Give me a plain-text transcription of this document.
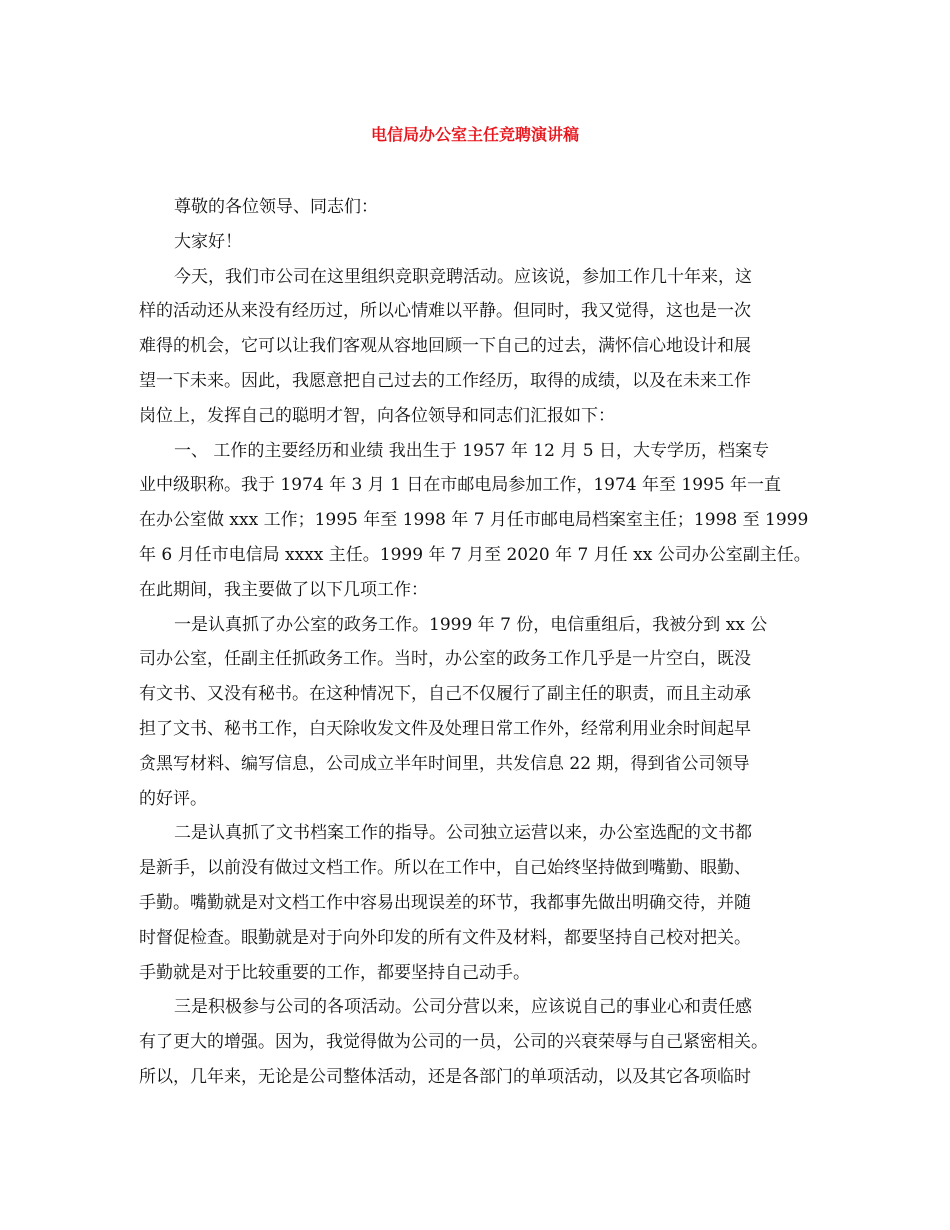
电信局办公室主任竞聘演讲稿
尊敬的各位领导、同志们：
大家好！
今天，我们市公司在这里组织竞职竞聘活动。应该说，参加工作几十年来，这
样的活动还从来没有经历过，所以心情难以平静。但同时，我又觉得，这也是一次
难得的机会，它可以让我们客观从容地回顾一下自己的过去，满怀信心地设计和展
望一下未来。因此，我愿意把自己过去的工作经历，取得的成绩，以及在未来工作
岗位上，发挥自己的聪明才智，向各位领导和同志们汇报如下：
一、 工作的主要经历和业绩 我出生于 1957 年 12 月 5 日，大专学历，档案专
业中级职称。我于 1974 年 3 月 1 日在市邮电局参加工作，1974 年至 1995 年一直
在办公室做 xxx 工作；1995 年至 1998 年 7 月任市邮电局档案室主任；1998 至 1999
年 6 月任市电信局 xxxx 主任。1999 年 7 月至 2020 年 7 月任 xx 公司办公室副主任。
在此期间，我主要做了以下几项工作：
一是认真抓了办公室的政务工作。1999 年 7 份，电信重组后，我被分到 xx 公
司办公室，任副主任抓政务工作。当时，办公室的政务工作几乎是一片空白，既没
有文书、又没有秘书。在这种情况下，自己不仅履行了副主任的职责，而且主动承
担了文书、秘书工作，白天除收发文件及处理日常工作外，经常利用业余时间起早
贪黑写材料、编写信息，公司成立半年时间里，共发信息 22 期，得到省公司领导
的好评。
二是认真抓了文书档案工作的指导。公司独立运营以来，办公室选配的文书都
是新手，以前没有做过文档工作。所以在工作中，自己始终坚持做到嘴勤、眼勤、
手勤。嘴勤就是对文档工作中容易出现误差的环节，我都事先做出明确交待，并随
时督促检查。眼勤就是对于向外印发的所有文件及材料，都要坚持自己校对把关。
手勤就是对于比较重要的工作，都要坚持自己动手。
三是积极参与公司的各项活动。公司分营以来，应该说自己的事业心和责任感
有了更大的增强。因为，我觉得做为公司的一员，公司的兴衰荣辱与自己紧密相关。
所以，几年来，无论是公司整体活动，还是各部门的单项活动，以及其它各项临时
